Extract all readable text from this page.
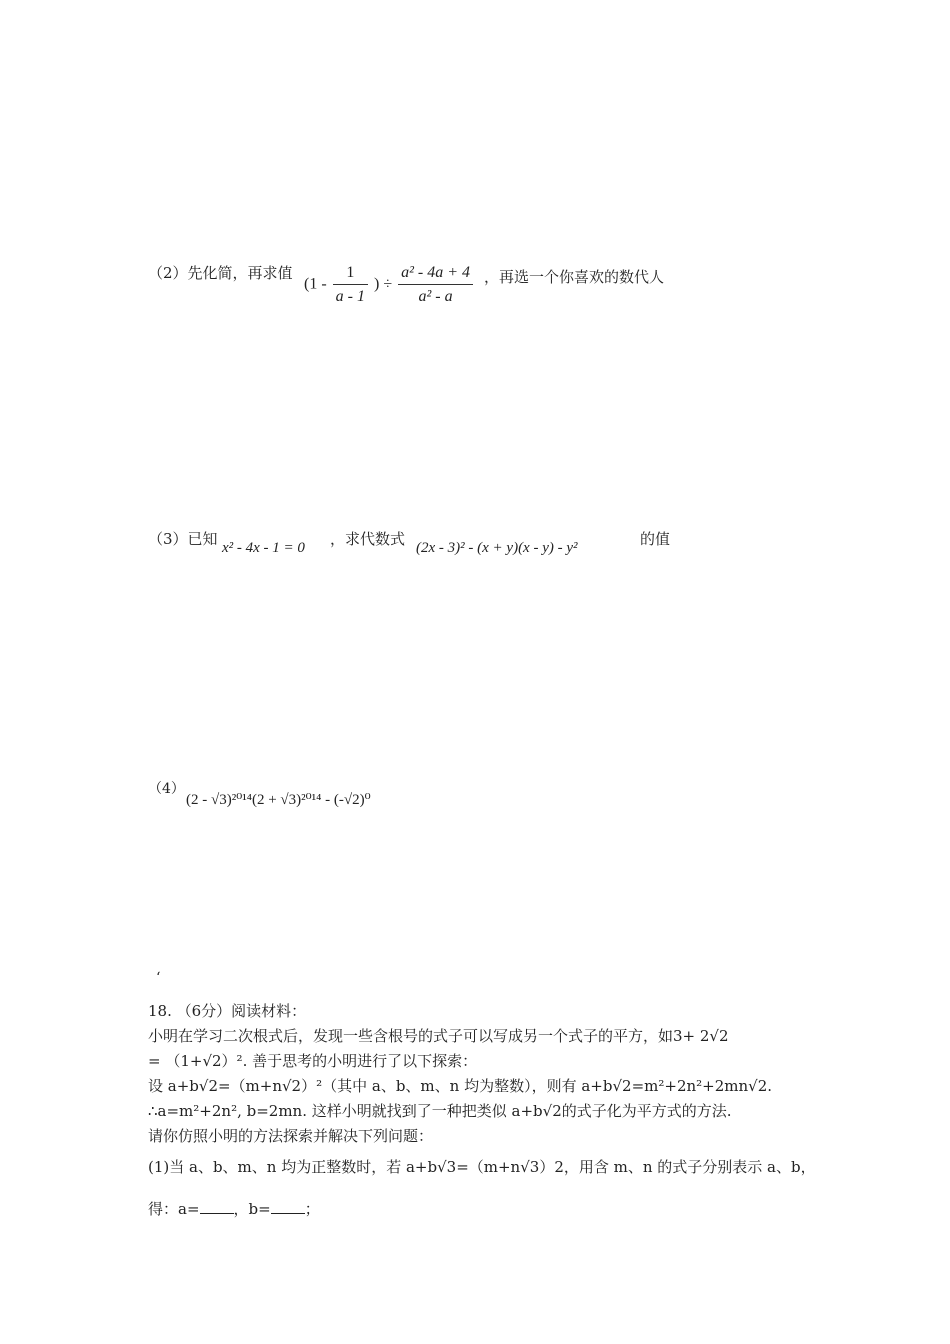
（2）先化简，再求值
($1 - \frac{1}{a - 1}$ ) ÷ $\frac{\text{a² - 4a + 4}}{\text{a² - a}}$ ，再选一个你喜欢的数代人
（3）已知 x² - 4x - 1 = 0 ，求代数式 (2x - 3)² - (x + y)(x - y) - y²	的值
（4）
(2 - √3)²⁰¹⁴(2 + √3)²⁰¹⁴ - (-√2)⁰
‘
18. （6分）阅读材料：
小明在学习二次根式后，发现一些含根号的式子可以写成另一个式子的平方，如3+ 2√2
= （1+√2）². 善于思考的小明进行了以下探索：
设 a+b√2=（m+n√2）²（其中 a、b、m、n 均为整数），则有 a+b√2=m²+2n²+2mn√2.
∴a=m²+2n², b=2mn. 这样小明就找到了一种把类似 a+b√2的式子化为平方式的方法.
请你仿照小明的方法探索并解决下列问题：
(1)当 a、b、m、n 均为正整数时，若 a+b√3=（m+n√3）2，用含 m、n 的式子分别表示 a、b，
得：a= ，b= ；
